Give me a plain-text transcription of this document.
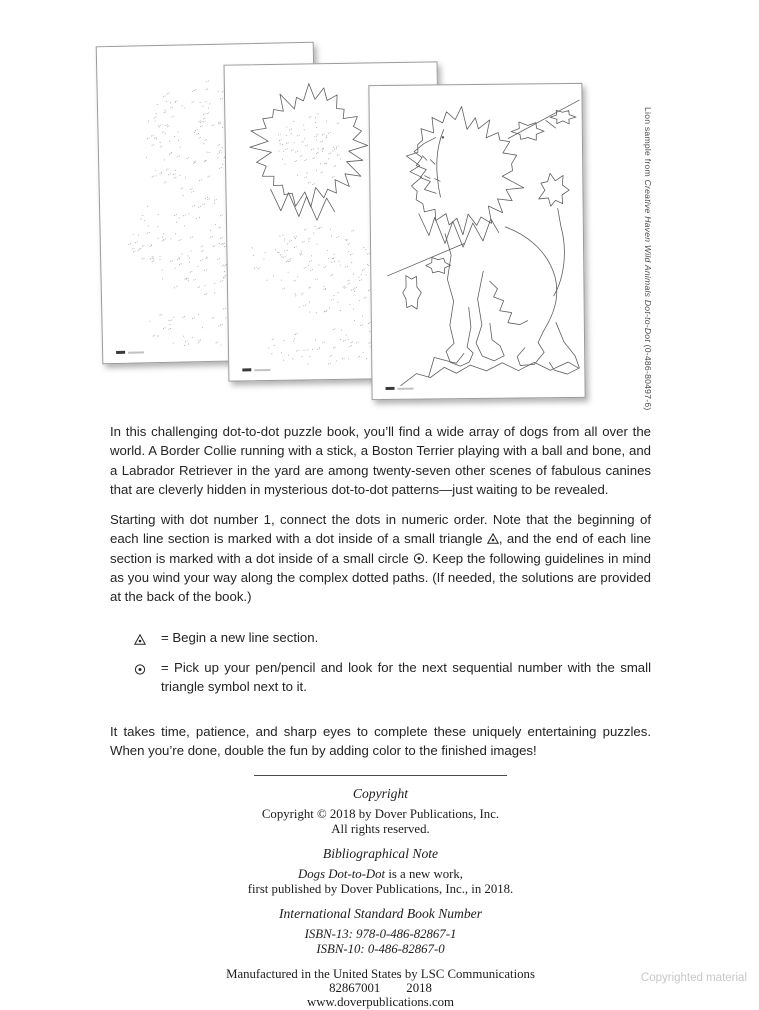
Lion sample from Creative Haven Wild Animals Dot-to-Dot (0-486-80497-6)

In this challenging dot-to-dot puzzle book, you’ll find a wide array of dogs from all over the world. A Border Collie running with a stick, a Boston Terrier playing with a ball and bone, and a Labrador Retriever in the yard are among twenty-seven other scenes of fabulous canines that are cleverly hidden in mysterious dot-to-dot patterns—just waiting to be revealed.

Starting with dot number 1, connect the dots in numeric order. Note that the beginning of each line section is marked with a dot inside of a small triangle , and the end of each line section is marked with a dot inside of a small circle . Keep the following guidelines in mind as you wind your way along the complex dotted paths. (If needed, the solutions are provided at the back of the book.)

= Begin a new line section.
= Pick up your pen/pencil and look for the next sequential number with the small triangle symbol next to it.

It takes time, patience, and sharp eyes to complete these uniquely entertaining puzzles. When you’re done, double the fun by adding color to the finished images!

Copyright
Copyright © 2018 by Dover Publications, Inc.
All rights reserved.
Bibliographical Note
Dogs Dot-to-Dot is a new work,
first published by Dover Publications, Inc., in 2018.
International Standard Book Number
ISBN-13: 978-0-486-82867-1
ISBN-10: 0-486-82867-0
Manufactured in the United States by LSC Communications
82867001 2018
www.doverpublications.com
Copyrighted material
